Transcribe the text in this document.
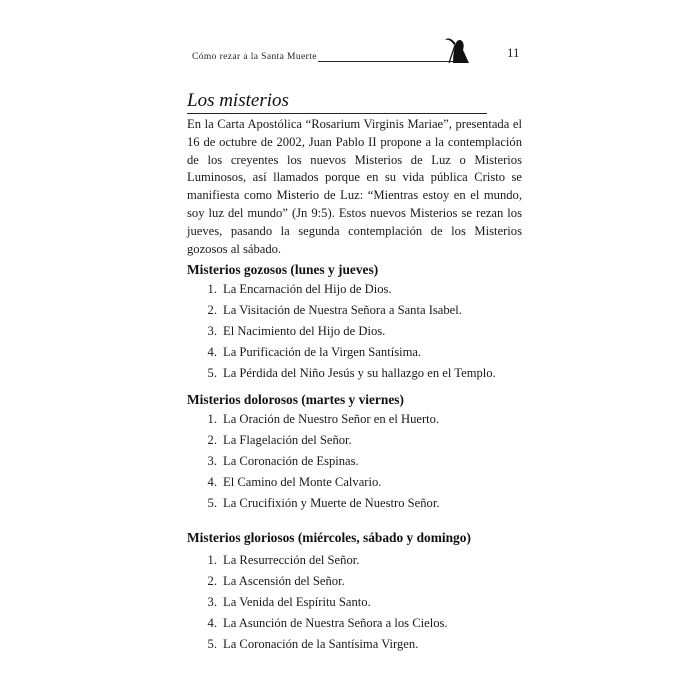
Cómo rezar a la Santa Muerte	11
Los misterios

En la Carta Apostólica “Rosarium Virginis Mariae”, presentada el 16 de octubre de 2002, Juan Pablo II propone a la contemplación de los creyentes los nuevos Misterios de Luz o Misterios Luminosos, así llamados porque en su vida pública Cristo se manifiesta como Misterio de Luz: “Mientras estoy en el mundo, soy luz del mundo” (Jn 9:5). Estos nuevos Misterios se rezan los jueves, pasando la segunda contemplación de los Misterios gozosos al sábado.

Misterios gozosos (lunes y jueves)
1. La Encarnación del Hijo de Dios.
2. La Visitación de Nuestra Señora a Santa Isabel.
3. El Nacimiento del Hijo de Dios.
4. La Purificación de la Virgen Santísima.
5. La Pérdida del Niño Jesús y su hallazgo en el Templo.
Misterios dolorosos (martes y viernes)
1. La Oración de Nuestro Señor en el Huerto.
2. La Flagelación del Señor.
3. La Coronación de Espinas.
4. El Camino del Monte Calvario.
5. La Crucifixión y Muerte de Nuestro Señor.
Misterios gloriosos (miércoles, sábado y domingo)
1. La Resurrección del Señor.
2. La Ascensión del Señor.
3. La Venida del Espíritu Santo.
4. La Asunción de Nuestra Señora a los Cielos.
5. La Coronación de la Santísima Virgen.
